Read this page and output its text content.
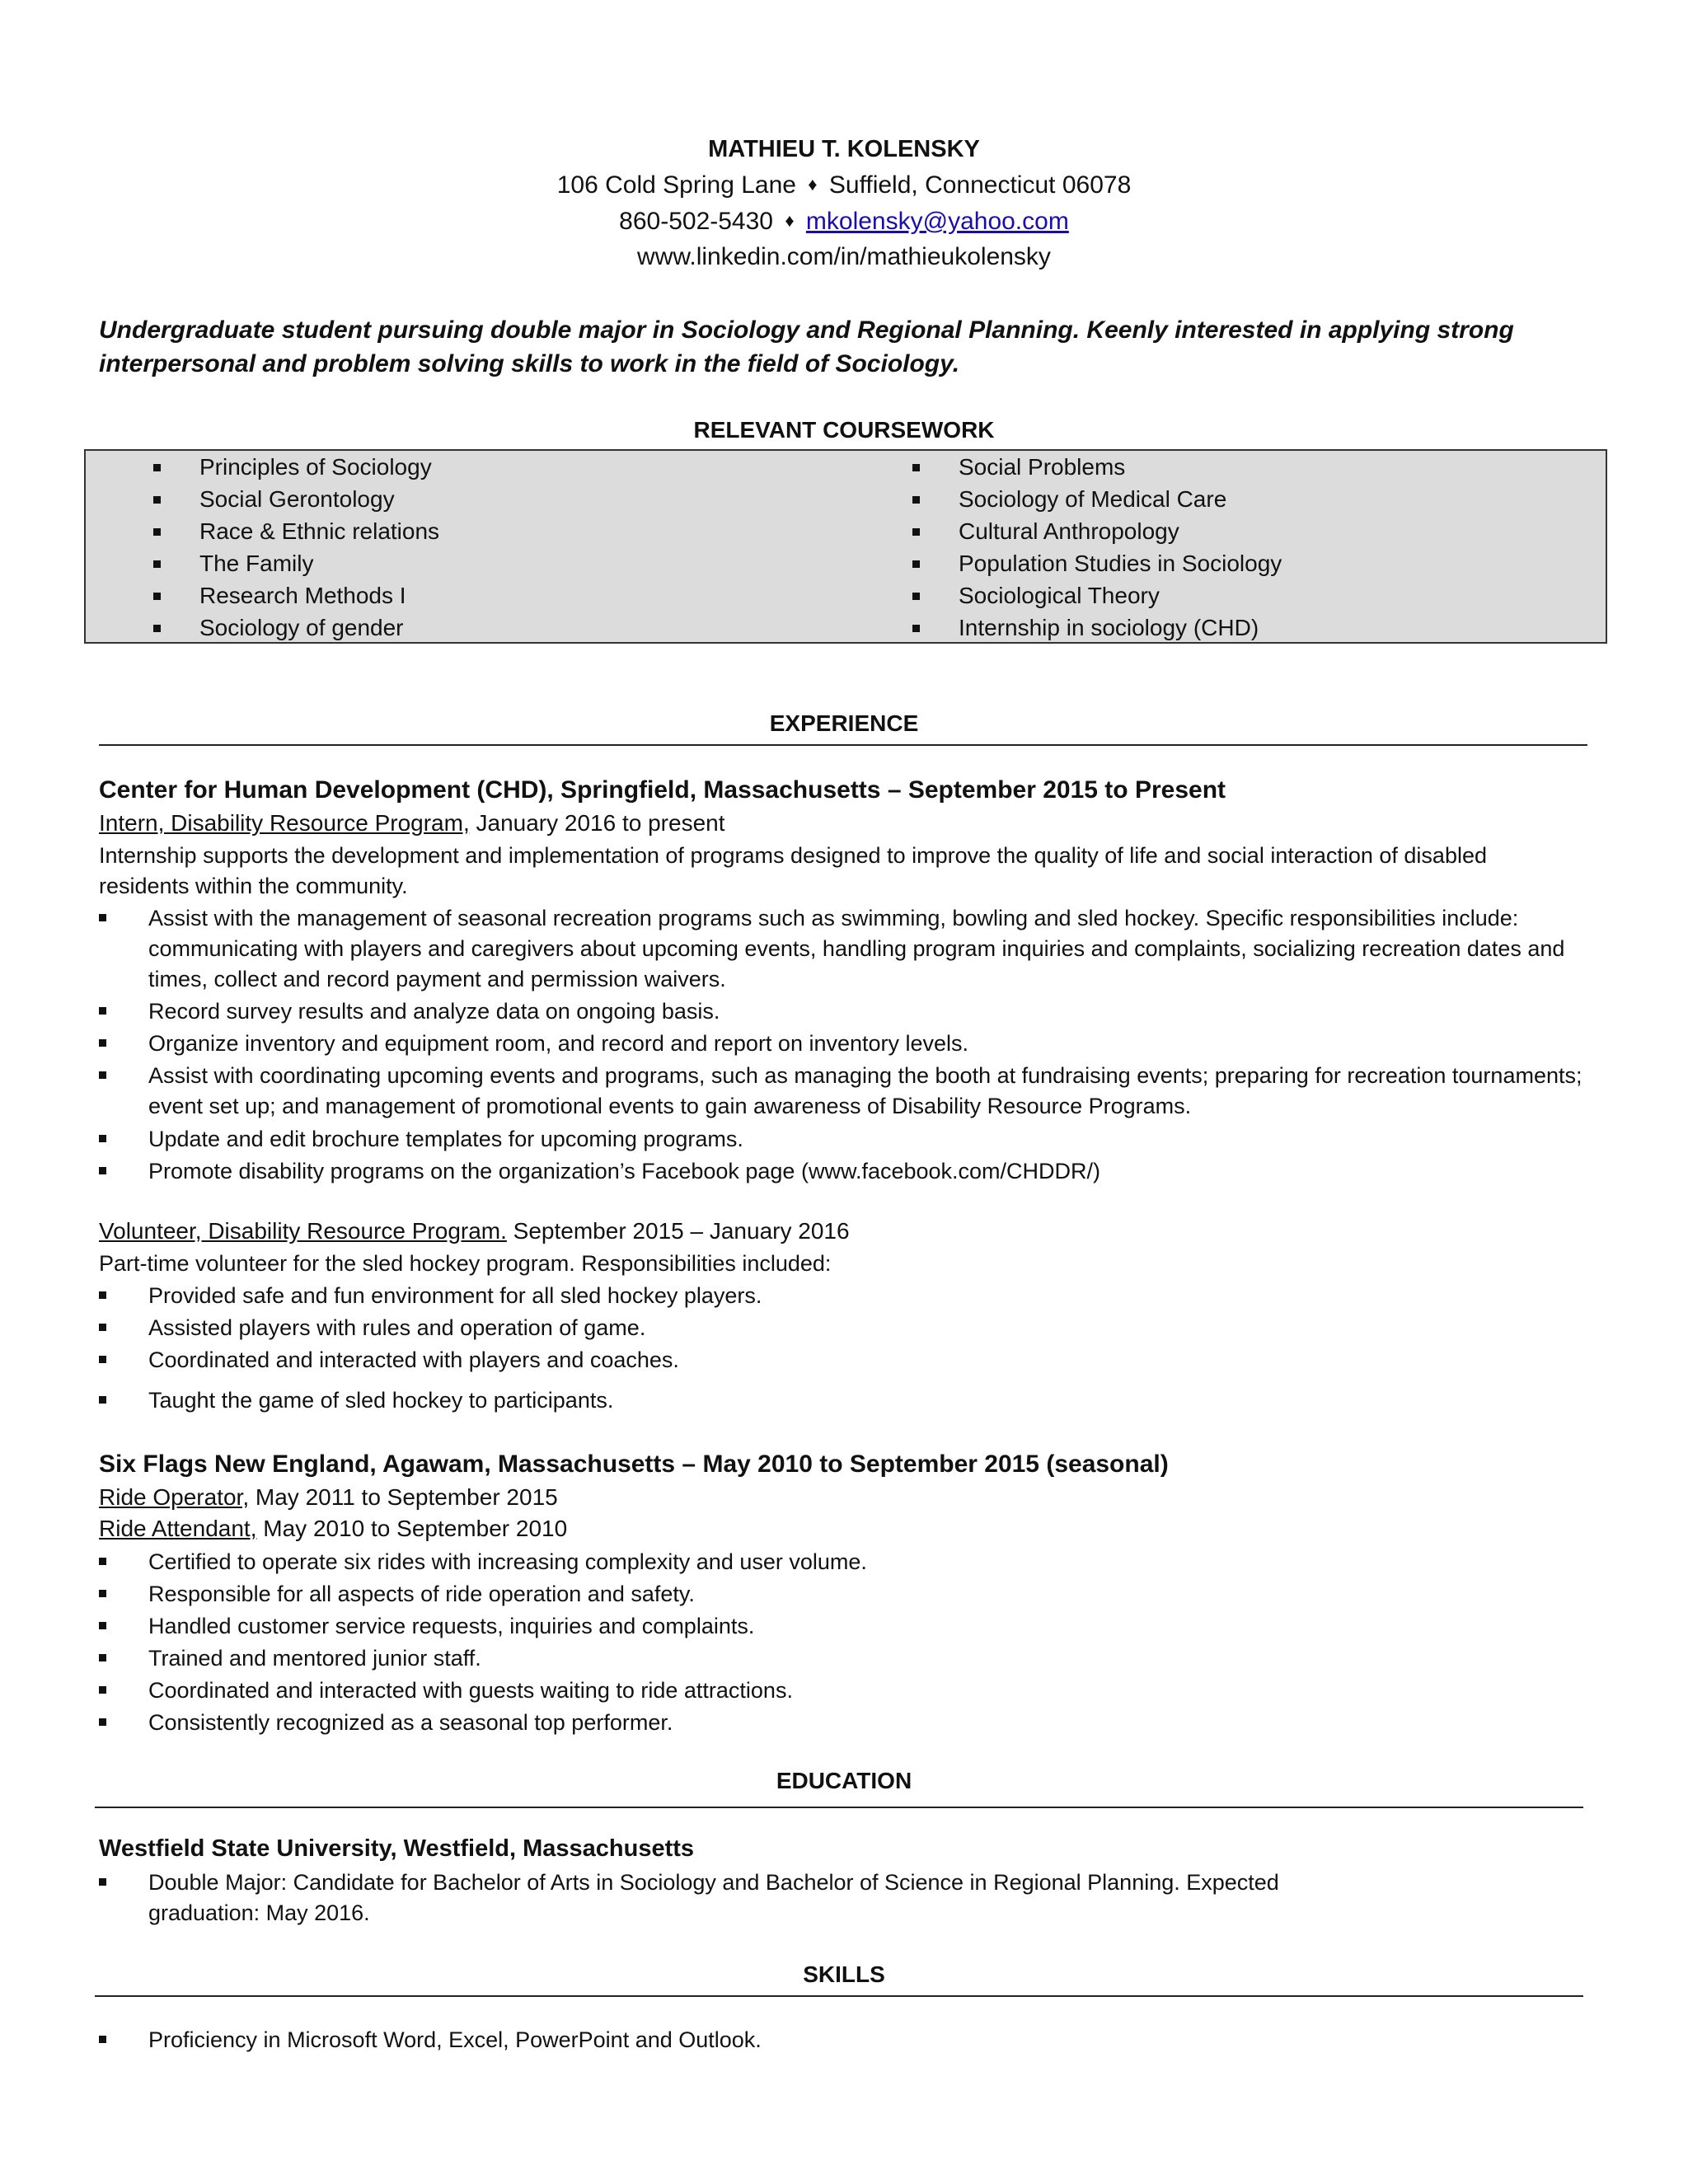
MATHIEU T. KOLENSKY
106 Cold Spring Lane ♦ Suffield, Connecticut 06078
860-502-5430 ♦ mkolensky@yahoo.com
www.linkedin.com/in/mathieukolensky
Undergraduate student pursuing double major in Sociology and Regional Planning. Keenly interested in applying strong interpersonal and problem solving skills to work in the field of Sociology.
RELEVANT COURSEWORK
Principles of Sociology
Social Gerontology
Race & Ethnic relations
The Family
Research Methods I
Sociology of gender
Social Problems
Sociology of Medical Care
Cultural Anthropology
Population Studies in Sociology
Sociological Theory
Internship in sociology (CHD)
EXPERIENCE
Center for Human Development (CHD), Springfield, Massachusetts – September 2015 to Present
Intern, Disability Resource Program, January 2016 to present
Internship supports the development and implementation of programs designed to improve the quality of life and social interaction of disabled residents within the community.
Assist with the management of seasonal recreation programs such as swimming, bowling and sled hockey. Specific responsibilities include: communicating with players and caregivers about upcoming events, handling program inquiries and complaints, socializing recreation dates and times, collect and record payment and permission waivers.
Record survey results and analyze data on ongoing basis.
Organize inventory and equipment room, and record and report on inventory levels.
Assist with coordinating upcoming events and programs, such as managing the booth at fundraising events; preparing for recreation tournaments; event set up; and management of promotional events to gain awareness of Disability Resource Programs.
Update and edit brochure templates for upcoming programs.
Promote disability programs on the organization’s Facebook page (www.facebook.com/CHDDR/)
Volunteer, Disability Resource Program. September 2015 – January 2016
Part-time volunteer for the sled hockey program. Responsibilities included:
Provided safe and fun environment for all sled hockey players.
Assisted players with rules and operation of game.
Coordinated and interacted with players and coaches.
Taught the game of sled hockey to participants.
Six Flags New England, Agawam, Massachusetts – May 2010 to September 2015 (seasonal)
Ride Operator, May 2011 to September 2015
Ride Attendant, May 2010 to September 2010
Certified to operate six rides with increasing complexity and user volume.
Responsible for all aspects of ride operation and safety.
Handled customer service requests, inquiries and complaints.
Trained and mentored junior staff.
Coordinated and interacted with guests waiting to ride attractions.
Consistently recognized as a seasonal top performer.
EDUCATION
Westfield State University, Westfield, Massachusetts
Double Major: Candidate for Bachelor of Arts in Sociology and Bachelor of Science in Regional Planning. Expected graduation: May 2016.
SKILLS
Proficiency in Microsoft Word, Excel, PowerPoint and Outlook.
